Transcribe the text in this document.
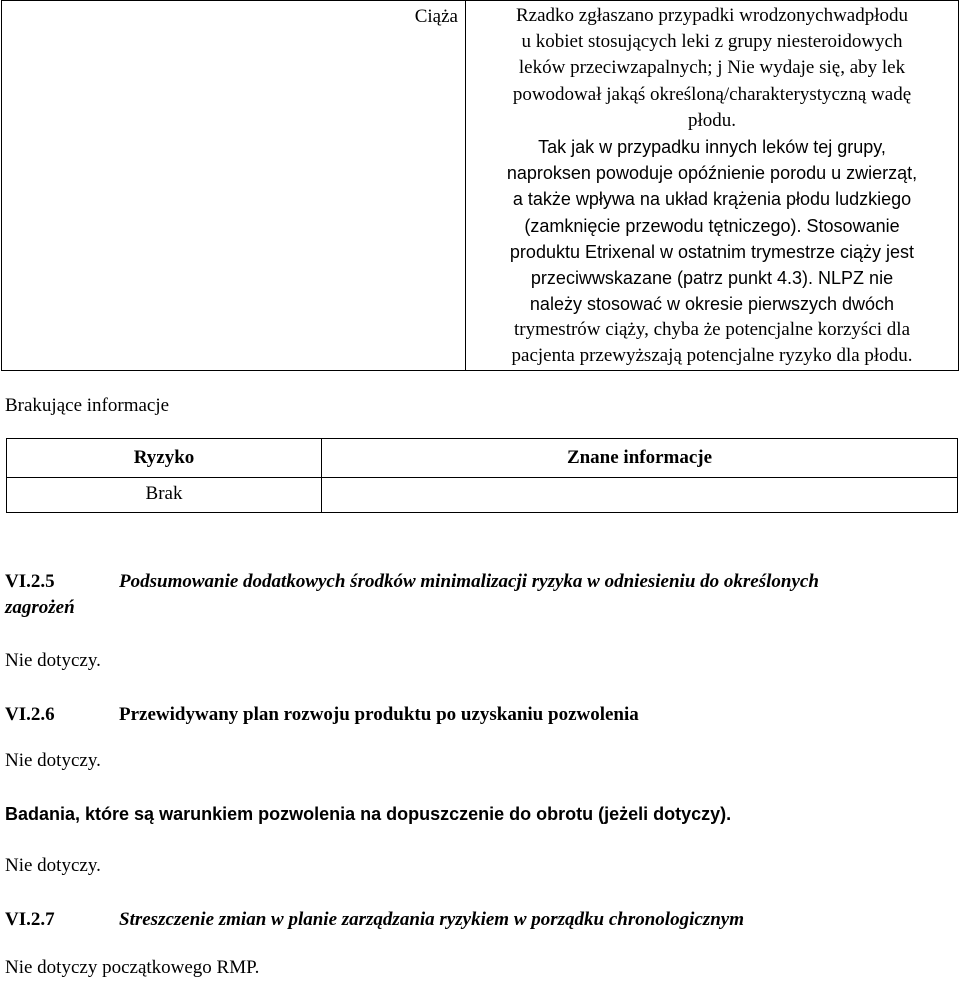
Ciąża	Rzadko zgłaszano przypadki wrodzonychwadpłodu
u kobiet stosujących leki z grupy niesteroidowych
leków przeciwzapalnych; j Nie wydaje się, aby lek
powodował jakąś określoną/charakterystyczną wadę
płodu.
Tak jak w przypadku innych leków tej grupy,
naproksen powoduje opóźnienie porodu u zwierząt,
a także wpływa na układ krążenia płodu ludzkiego
(zamknięcie przewodu tętniczego). Stosowanie
produktu Etrixenal w ostatnim trymestrze ciąży jest
przeciwwskazane (patrz punkt 4.3). NLPZ nie
należy stosować w okresie pierwszych dwóch
trymestrów ciąży, chyba że potencjalne korzyści dla
pacjenta przewyższają potencjalne ryzyko dla płodu.
Brakujące informacje
Ryzyko	Znane informacje
Brak	
VI.2.5	Podsumowanie dodatkowych środków minimalizacji ryzyka w odniesieniu do określonych
zagrożeń
Nie dotyczy.
VI.2.6	Przewidywany plan rozwoju produktu po uzyskaniu pozwolenia
Nie dotyczy.
Badania, które są warunkiem pozwolenia na dopuszczenie do obrotu (jeżeli dotyczy).
Nie dotyczy.
VI.2.7	Streszczenie zmian w planie zarządzania ryzykiem w porządku chronologicznym
Nie dotyczy początkowego RMP.
